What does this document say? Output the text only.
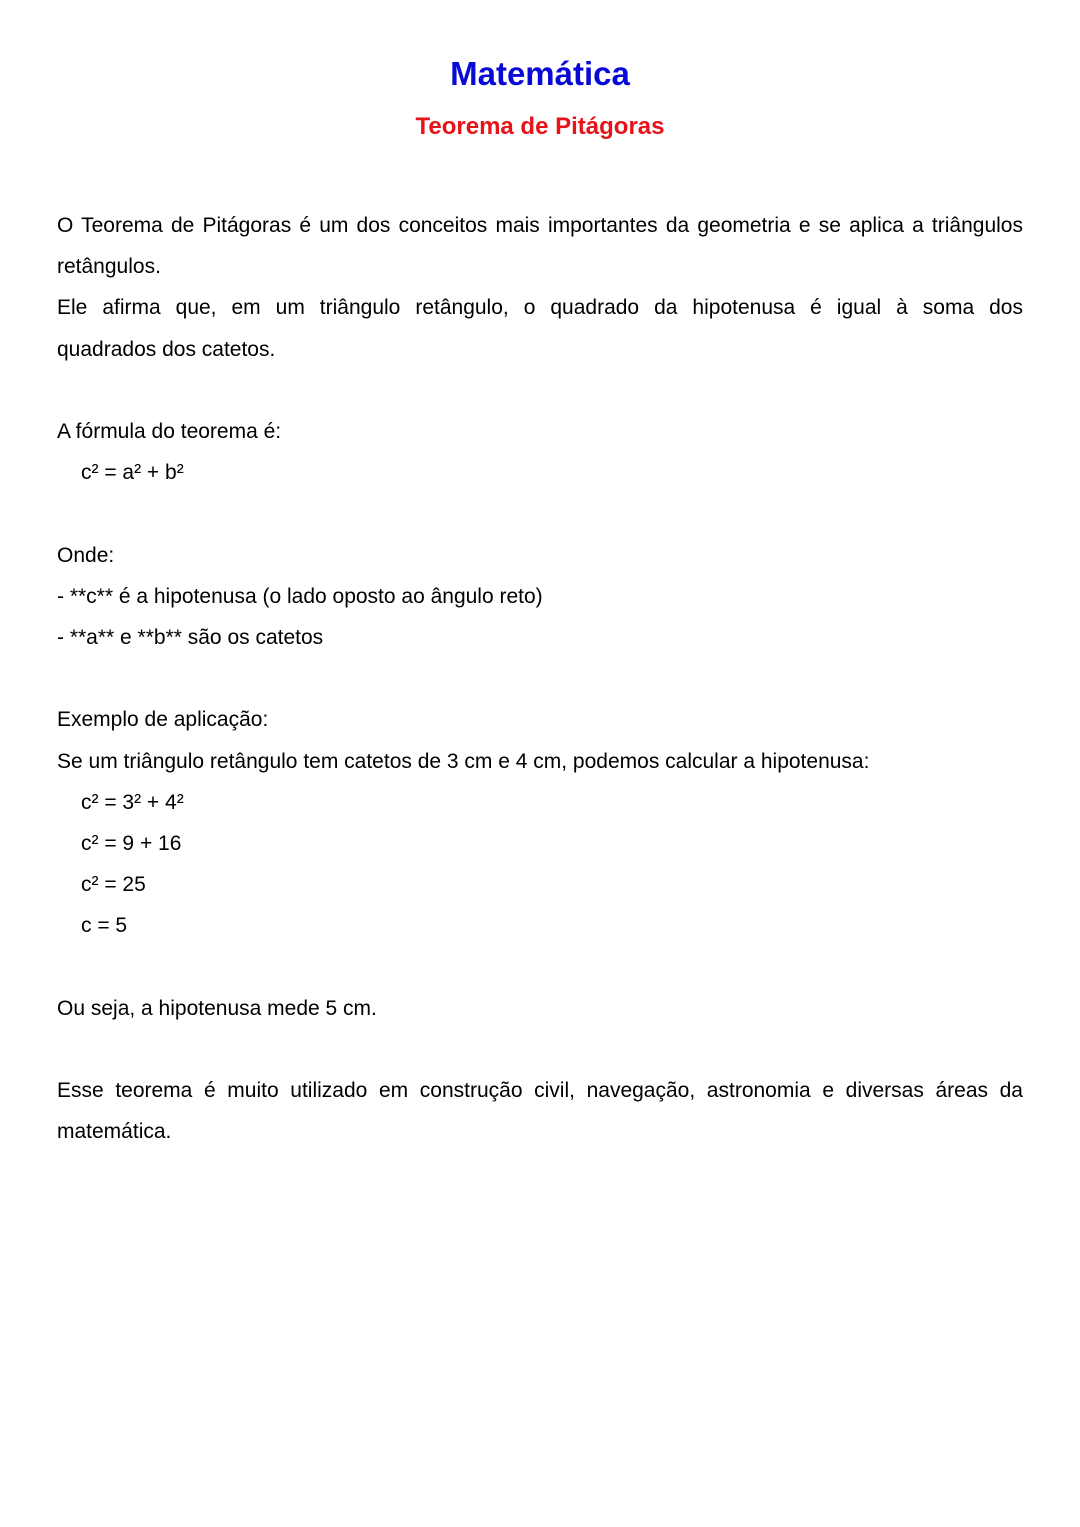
Matemática
Teorema de Pitágoras

O Teorema de Pitágoras é um dos conceitos mais importantes da geometria e se aplica a triângulos

retângulos.

Ele afirma que, em um triângulo retângulo, o quadrado da hipotenusa é igual à soma dos

quadrados dos catetos.

A fórmula do teorema é:

c² = a² + b²

Onde:

- **c** é a hipotenusa (o lado oposto ao ângulo reto)

- **a** e **b** são os catetos

Exemplo de aplicação:

Se um triângulo retângulo tem catetos de 3 cm e 4 cm, podemos calcular a hipotenusa:

c² = 3² + 4²

c² = 9 + 16

c² = 25

c = 5

Ou seja, a hipotenusa mede 5 cm.

Esse teorema é muito utilizado em construção civil, navegação, astronomia e diversas áreas da

matemática.
